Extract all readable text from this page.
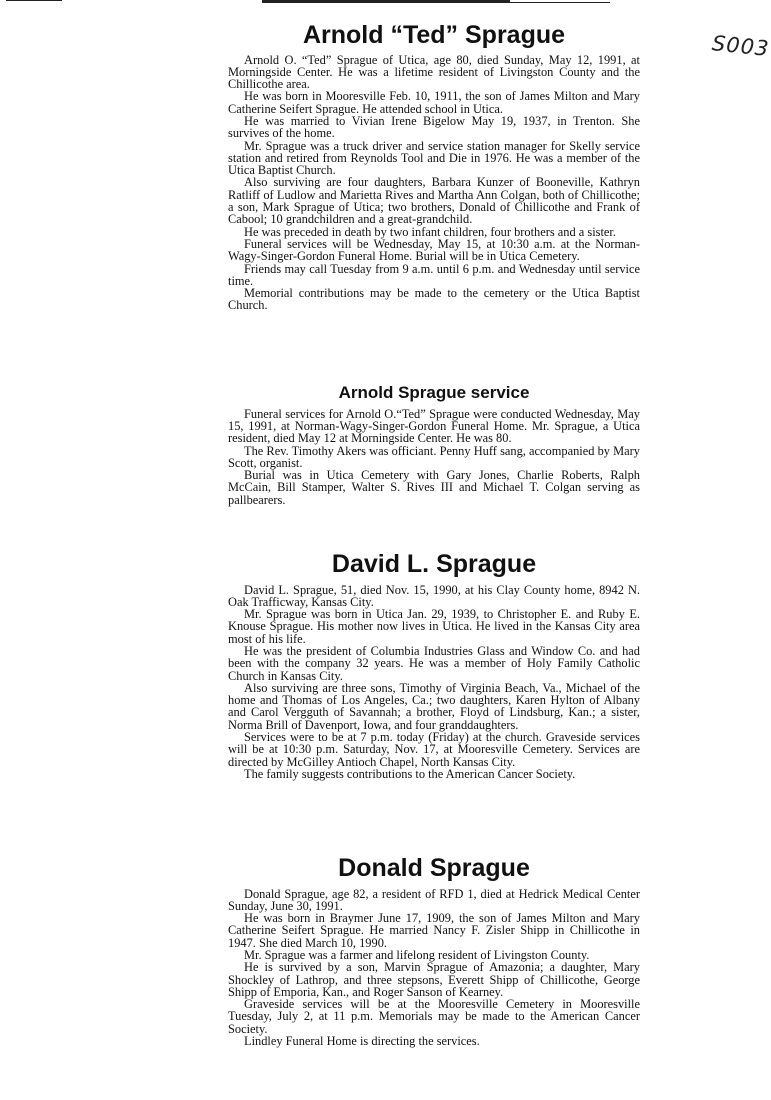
S003
Arnold “Ted” Sprague

Arnold O. “Ted” Sprague of Utica, age 80, died Sunday, May 12, 1991, at Morningside Center. He was a lifetime resident of Livingston County and the Chillicothe area.

He was born in Mooresville Feb. 10, 1911, the son of James Milton and Mary Catherine Seifert Sprague. He attended school in Utica.

He was married to Vivian Irene Bigelow May 19, 1937, in Trenton. She survives of the home.

Mr. Sprague was a truck driver and service station manager for Skelly service station and retired from Reynolds Tool and Die in 1976. He was a member of the Utica Baptist Church.

Also surviving are four daughters, Barbara Kunzer of Booneville, Kathryn Ratliff of Ludlow and Marietta Rives and Martha Ann Colgan, both of Chillicothe; a son, Mark Sprague of Utica; two brothers, Donald of Chillicothe and Frank of Cabool; 10 grandchildren and a great-grandchild.

He was preceded in death by two infant children, four brothers and a sister.

Funeral services will be Wednesday, May 15, at 10:30 a.m. at the Norman-Wagy-Singer-Gordon Funeral Home. Burial will be in Utica Cemetery.

Friends may call Tuesday from 9 a.m. until 6 p.m. and Wednesday until service time.

Memorial contributions may be made to the cemetery or the Utica Baptist Church.

Arnold Sprague service

Funeral services for Arnold O.“Ted” Sprague were conducted Wednesday, May 15, 1991, at Norman-Wagy-Singer-Gordon Funeral Home. Mr. Sprague, a Utica resident, died May 12 at Morningside Center. He was 80.

The Rev. Timothy Akers was officiant. Penny Huff sang, accompanied by Mary Scott, organist.

Burial was in Utica Cemetery with Gary Jones, Charlie Roberts, Ralph McCain, Bill Stamper, Walter S. Rives III and Michael T. Colgan serving as pallbearers.

David L. Sprague

David L. Sprague, 51, died Nov. 15, 1990, at his Clay County home, 8942 N. Oak Trafficway, Kansas City.

Mr. Sprague was born in Utica Jan. 29, 1939, to Christopher E. and Ruby E. Knouse Sprague. His mother now lives in Utica. He lived in the Kansas City area most of his life.

He was the president of Columbia Industries Glass and Window Co. and had been with the company 32 years. He was a member of Holy Family Catholic Church in Kansas City.

Also surviving are three sons, Timothy of Virginia Beach, Va., Michael of the home and Thomas of Los Angeles, Ca.; two daughters, Karen Hylton of Albany and Carol Vergguth of Savannah; a brother, Floyd of Lindsburg, Kan.; a sister, Norma Brill of Davenport, Iowa, and four granddaughters.

Services were to be at 7 p.m. today (Friday) at the church. Graveside services will be at 10:30 p.m. Saturday, Nov. 17, at Mooresville Cemetery. Services are directed by McGilley Antioch Chapel, North Kansas City.

The family suggests contributions to the American Cancer Society.

Donald Sprague

Donald Sprague, age 82, a resident of RFD 1, died at Hedrick Medical Center Sunday, June 30, 1991.

He was born in Braymer June 17, 1909, the son of James Milton and Mary Catherine Seifert Sprague. He married Nancy F. Zisler Shipp in Chillicothe in 1947. She died March 10, 1990.

Mr. Sprague was a farmer and lifelong resident of Livingston County.

He is survived by a son, Marvin Sprague of Amazonia; a daughter, Mary Shockley of Lathrop, and three stepsons, Everett Shipp of Chillicothe, George Shipp of Emporia, Kan., and Roger Sanson of Kearney.

Graveside services will be at the Mooresville Cemetery in Mooresville Tuesday, July 2, at 11 p.m. Memorials may be made to the American Cancer Society.

Lindley Funeral Home is directing the services.
